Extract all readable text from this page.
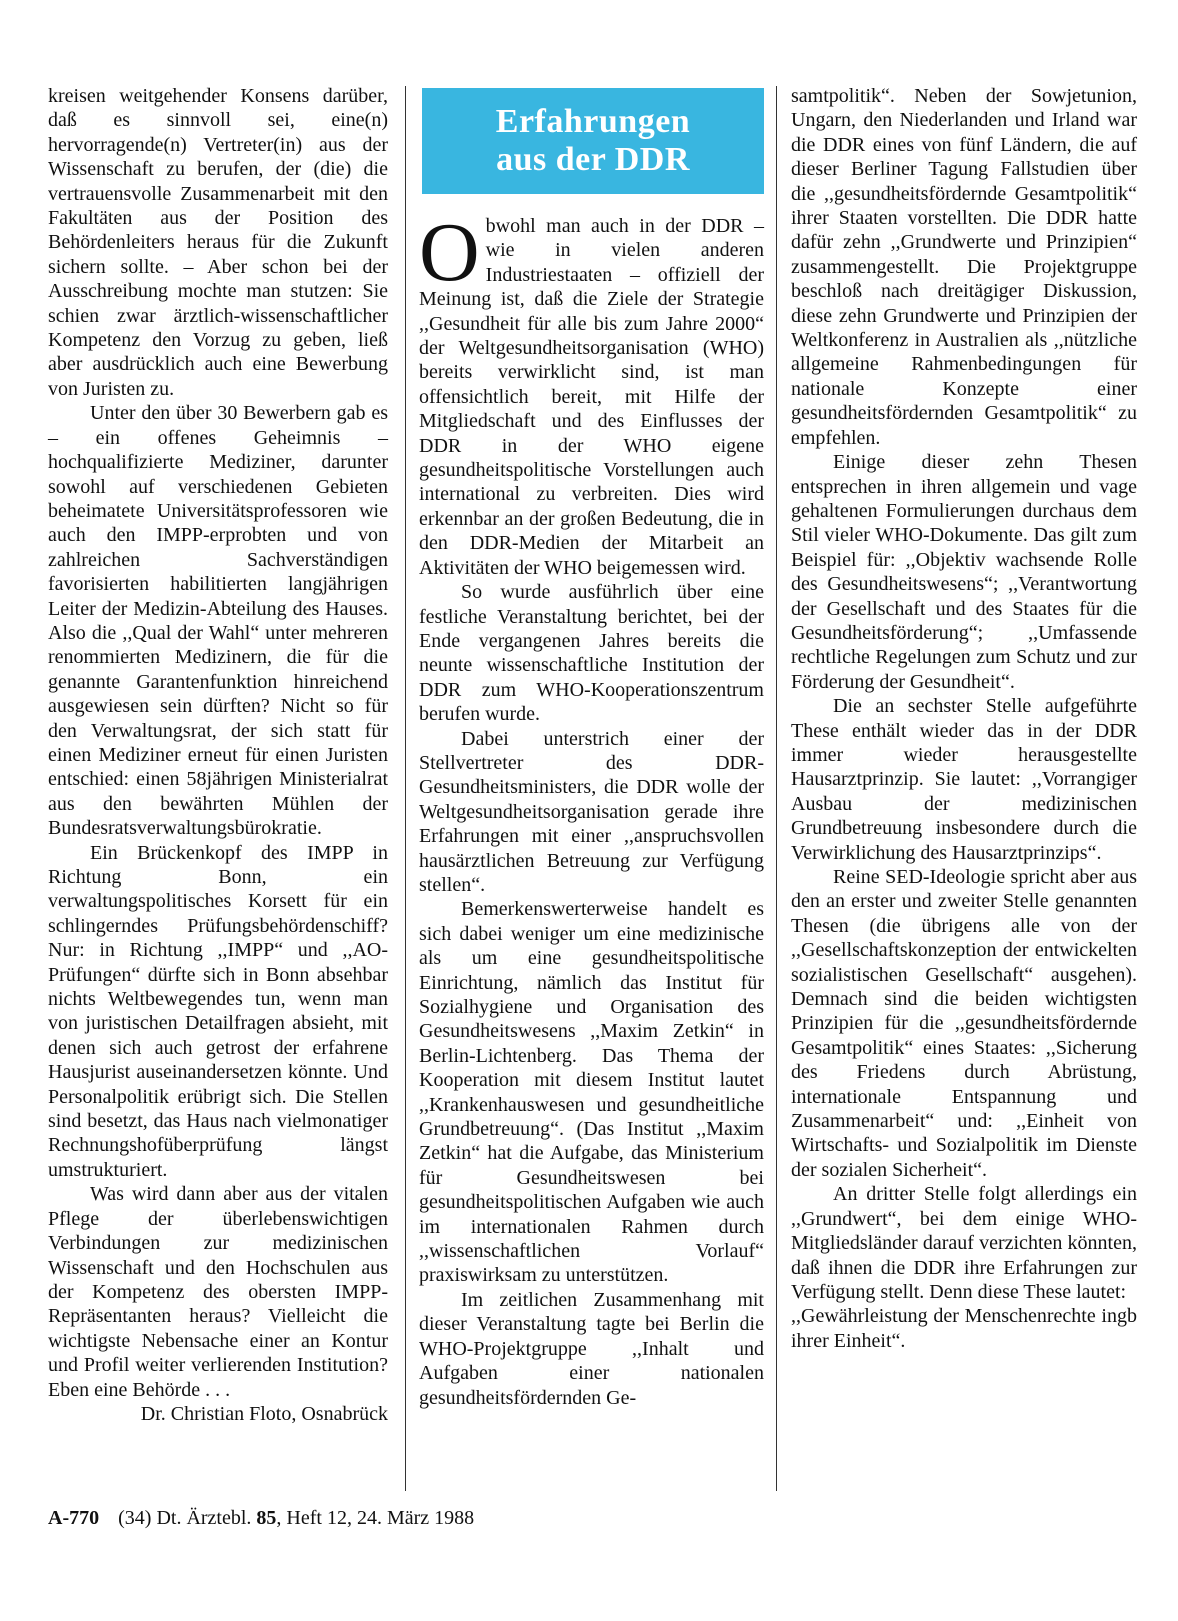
kreisen weitgehender Konsens darüber, daß es sinnvoll sei, eine(n) hervorragende(n) Vertreter(in) aus der Wissenschaft zu berufen, der (die) die vertrauensvolle Zusammenarbeit mit den Fakultäten aus der Position des Behördenleiters heraus für die Zukunft sichern sollte. – Aber schon bei der Ausschreibung mochte man stutzen: Sie schien zwar ärztlich-wissenschaftlicher Kompetenz den Vorzug zu geben, ließ aber ausdrücklich auch eine Bewerbung von Juristen zu.

Unter den über 30 Bewerbern gab es – ein offenes Geheimnis – hochqualifizierte Mediziner, darunter sowohl auf verschiedenen Gebieten beheimatete Universitätsprofessoren wie auch den IMPP-erprobten und von zahlreichen Sachverständigen favorisierten habilitierten langjährigen Leiter der Medizin-Abteilung des Hauses. Also die ,,Qual der Wahl“ unter mehreren renommierten Medizinern, die für die genannte Garantenfunktion hinreichend ausgewiesen sein dürften? Nicht so für den Verwaltungsrat, der sich statt für einen Mediziner erneut für einen Juristen entschied: einen 58jährigen Ministerialrat aus den bewährten Mühlen der Bundesratsverwaltungsbürokratie.

Ein Brückenkopf des IMPP in Richtung Bonn, ein verwaltungspolitisches Korsett für ein schlingerndes Prüfungsbehördenschiff? Nur: in Richtung ,,IMPP“ und ,,AO-Prüfungen“ dürfte sich in Bonn absehbar nichts Weltbewegendes tun, wenn man von juristischen Detailfragen absieht, mit denen sich auch getrost der erfahrene Hausjurist auseinandersetzen könnte. Und Personalpolitik erübrigt sich. Die Stellen sind besetzt, das Haus nach vielmonatiger Rechnungshofüberprüfung längst umstrukturiert.

Was wird dann aber aus der vitalen Pflege der überlebenswichtigen Verbindungen zur medizinischen Wissenschaft und den Hochschulen aus der Kompetenz des obersten IMPP-Repräsentanten heraus? Vielleicht die wichtigste Nebensache einer an Kontur und Profil weiter verlierenden Institution? Eben eine Behörde . . .

Dr. Christian Floto, Osnabrück

Erfahrungen
aus der DDR

Obwohl man auch in der DDR – wie in vielen anderen Industriestaaten – offiziell der Meinung ist, daß die Ziele der Strategie ,,Gesundheit für alle bis zum Jahre 2000“ der Weltgesundheitsorganisation (WHO) bereits verwirklicht sind, ist man offensichtlich bereit, mit Hilfe der Mitgliedschaft und des Einflusses der DDR in der WHO eigene gesundheitspolitische Vorstellungen auch international zu verbreiten. Dies wird erkennbar an der großen Bedeutung, die in den DDR-Medien der Mitarbeit an Aktivitäten der WHO beigemessen wird.

So wurde ausführlich über eine festliche Veranstaltung berichtet, bei der Ende vergangenen Jahres bereits die neunte wissenschaftliche Institution der DDR zum WHO-Kooperationszentrum berufen wurde.

Dabei unterstrich einer der Stellvertreter des DDR-Gesundheitsministers, die DDR wolle der Weltgesundheitsorganisation gerade ihre Erfahrungen mit einer ,,anspruchsvollen hausärztlichen Betreuung zur Verfügung stellen“.

Bemerkenswerterweise handelt es sich dabei weniger um eine medizinische als um eine gesundheitspolitische Einrichtung, nämlich das Institut für Sozialhygiene und Organisation des Gesundheitswesens ,,Maxim Zetkin“ in Berlin-Lichtenberg. Das Thema der Kooperation mit diesem Institut lautet ,,Krankenhauswesen und gesundheitliche Grundbetreuung“. (Das Institut ,,Maxim Zetkin“ hat die Aufgabe, das Ministerium für Gesundheitswesen bei gesundheitspolitischen Aufgaben wie auch im internationalen Rahmen durch ,,wissenschaftlichen Vorlauf“ praxiswirksam zu unterstützen.

Im zeitlichen Zusammenhang mit dieser Veranstaltung tagte bei Berlin die WHO-Projektgruppe ,,Inhalt und Aufgaben einer nationalen gesundheitsfördernden Ge-

samtpolitik“. Neben der Sowjetunion, Ungarn, den Niederlanden und Irland war die DDR eines von fünf Ländern, die auf dieser Berliner Tagung Fallstudien über die ,,gesundheitsfördernde Gesamtpolitik“ ihrer Staaten vorstellten. Die DDR hatte dafür zehn ,,Grundwerte und Prinzipien“ zusammengestellt. Die Projektgruppe beschloß nach dreitägiger Diskussion, diese zehn Grundwerte und Prinzipien der Weltkonferenz in Australien als ,,nützliche allgemeine Rahmenbedingungen für nationale Konzepte einer gesundheitsfördernden Gesamtpolitik“ zu empfehlen.

Einige dieser zehn Thesen entsprechen in ihren allgemein und vage gehaltenen Formulierungen durchaus dem Stil vieler WHO-Dokumente. Das gilt zum Beispiel für: ,,Objektiv wachsende Rolle des Gesundheitswesens“; ,,Verantwortung der Gesellschaft und des Staates für die Gesundheitsförderung“; ,,Umfassende rechtliche Regelungen zum Schutz und zur Förderung der Gesundheit“.

Die an sechster Stelle aufgeführte These enthält wieder das in der DDR immer wieder herausgestellte Hausarztprinzip. Sie lautet: ,,Vorrangiger Ausbau der medizinischen Grundbetreuung insbesondere durch die Verwirklichung des Hausarztprinzips“.

Reine SED-Ideologie spricht aber aus den an erster und zweiter Stelle genannten Thesen (die übrigens alle von der ,,Gesellschaftskonzeption der entwickelten sozialistischen Gesellschaft“ ausgehen). Demnach sind die beiden wichtigsten Prinzipien für die ,,gesundheitsfördernde Gesamtpolitik“ eines Staates: ,,Sicherung des Friedens durch Abrüstung, internationale Entspannung und Zusammenarbeit“ und: ,,Einheit von Wirtschafts- und Sozialpolitik im Dienste der sozialen Sicherheit“.

An dritter Stelle folgt allerdings ein ,,Grundwert“, bei dem einige WHO-Mitgliedsländer darauf verzichten könnten, daß ihnen die DDR ihre Erfahrungen zur Verfügung stellt. Denn diese These lautet:

,,Gewährleistung der Menschenrechte in ihrer Einheit“.
gb

A-770 (34) Dt. Ärztebl. 85, Heft 12, 24. März 1988
